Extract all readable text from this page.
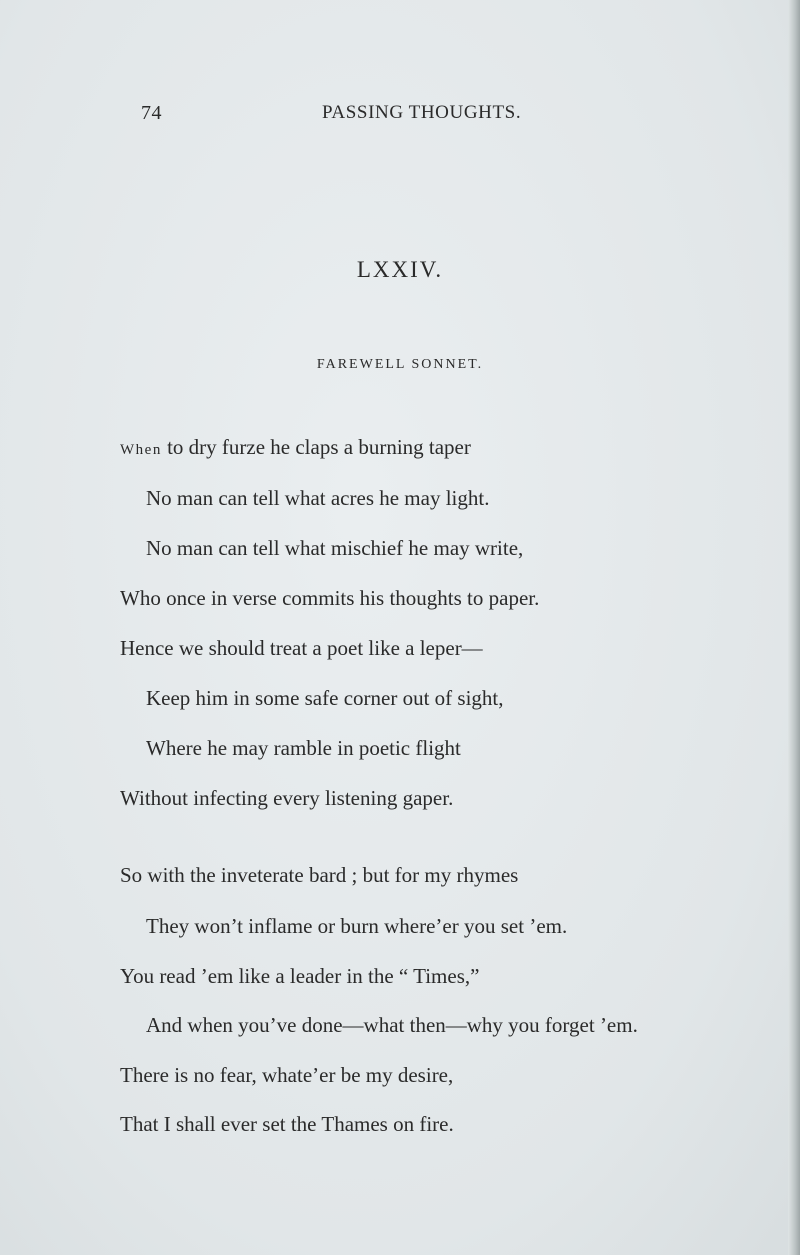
74	PASSING THOUGHTS.
LXXIV.
FAREWELL SONNET.
When to dry furze he claps a burning taper
No man can tell what acres he may light.
No man can tell what mischief he may write,
Who once in verse commits his thoughts to paper.
Hence we should treat a poet like a leper—
Keep him in some safe corner out of sight,
Where he may ramble in poetic flight
Without infecting every listening gaper.
So with the inveterate bard ; but for my rhymes
They won’t inflame or burn where’er you set ’em.
You read ’em like a leader in the “ Times,”
And when you’ve done—what then—why you forget ’em.
There is no fear, whate’er be my desire,
That I shall ever set the Thames on fire.
